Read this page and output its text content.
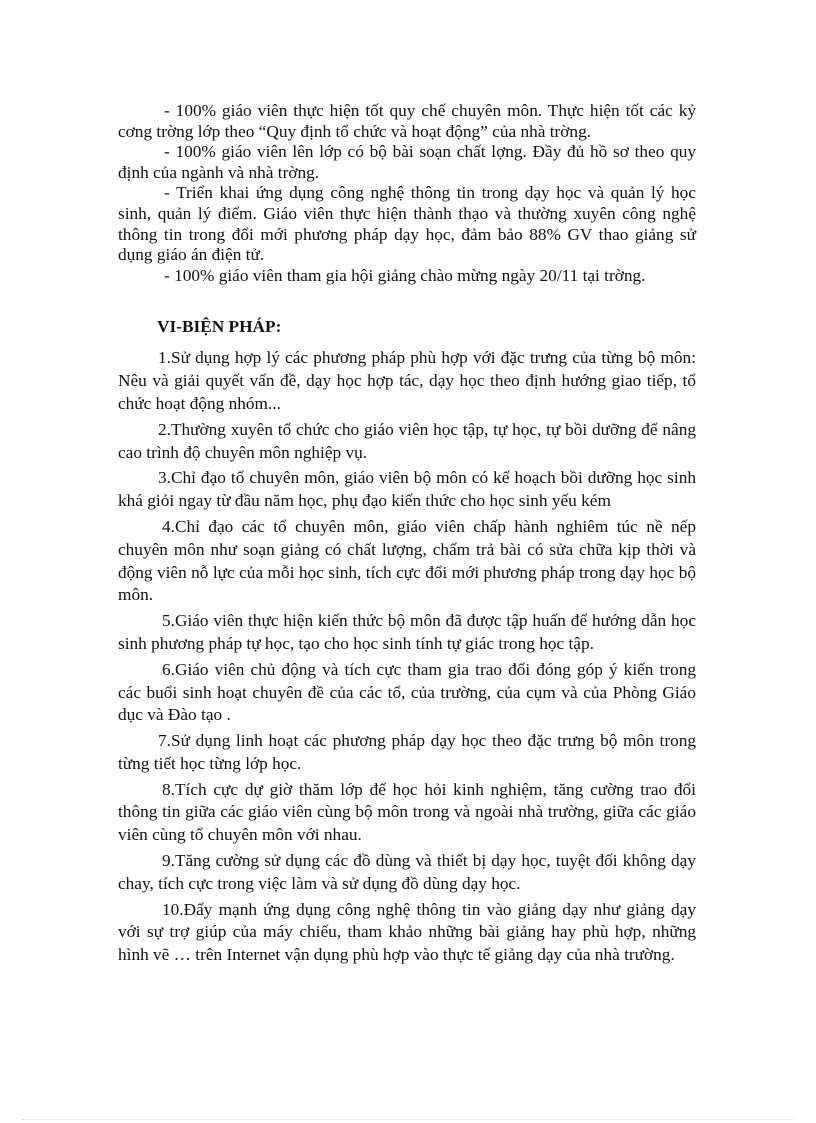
- 100% giáo viên thực hiện tốt quy chế chuyên môn. Thực hiện tốt các kỷ cơng trờng lớp theo “Quy định tổ chức và hoạt động” của nhà trờng.

- 100% giáo viên lên lớp có bộ bài soạn chất lợng. Đầy đủ hồ sơ theo quy định của ngành và nhà trờng.

- Triển khai ứng dụng công nghệ thông tin trong dạy học và quản lý học sinh, quản lý điểm. Giáo viên thực hiện thành thạo và thường xuyên công nghệ thông tin trong đổi mới phương pháp dạy học, đảm bảo 88% GV thao giảng sử dụng giáo án điện tử.

- 100% giáo viên tham gia hội giảng chào mừng ngày 20/11 tại trờng.

VI-BIỆN PHÁP:

1.Sử dụng hợp lý các phương pháp phù hợp với đặc trưng của từng bộ môn: Nêu và giải quyết vấn đề, dạy học hợp tác, dạy học theo định hướng giao tiếp, tổ chức hoạt động nhóm...

2.Thường xuyên tổ chức cho giáo viên học tập, tự học, tự bồi dưỡng để nâng cao trình độ chuyên môn nghiệp vụ.

3.Chỉ đạo tổ chuyên môn, giáo viên bộ môn có kế hoạch bồi dưỡng học sinh khá giỏi ngay từ đầu năm học, phụ đạo kiến thức cho học sinh yếu kém

4.Chỉ đạo các tổ chuyên môn, giáo viên chấp hành nghiêm túc nề nếp chuyên môn như soạn giảng có chất lượng, chấm trả bài có sửa chữa kịp thời và động viên nỗ lực của mỗi học sinh, tích cực đổi mới phương pháp trong dạy học bộ môn.

5.Giáo viên thực hiện kiến thức bộ môn đã được tập huấn để hướng dẫn học sinh phương pháp tự học, tạo cho học sinh tính tự giác trong học tập.

6.Giáo viên chủ động và tích cực tham gia trao đổi đóng góp ý kiến trong các buổi sinh hoạt chuyên đề của các tổ, của trường, của cụm và của Phòng Giáo dục và Đào tạo .

7.Sử dụng linh hoạt các phương pháp dạy học theo đặc trưng bộ môn trong từng tiết học từng lớp học.

8.Tích cực dự giờ thăm lớp để học hỏi kinh nghiệm, tăng cường trao đổi thông tin giữa các giáo viên cùng bộ môn trong và ngoài nhà trường, giữa các giáo viên cùng tổ chuyên môn với nhau.

9.Tăng cường sử dụng các đồ dùng và thiết bị dạy học, tuyệt đối không dạy chay, tích cực trong việc làm và sử dụng đồ dùng dạy học.

10.Đẩy mạnh ứng dụng công nghệ thông tin vào giảng dạy như giảng dạy với sự trợ giúp của máy chiếu, tham khảo những bài giảng hay phù hợp, những hình vẽ … trên Internet vận dụng phù hợp vào thực tế giảng dạy của nhà trường.
